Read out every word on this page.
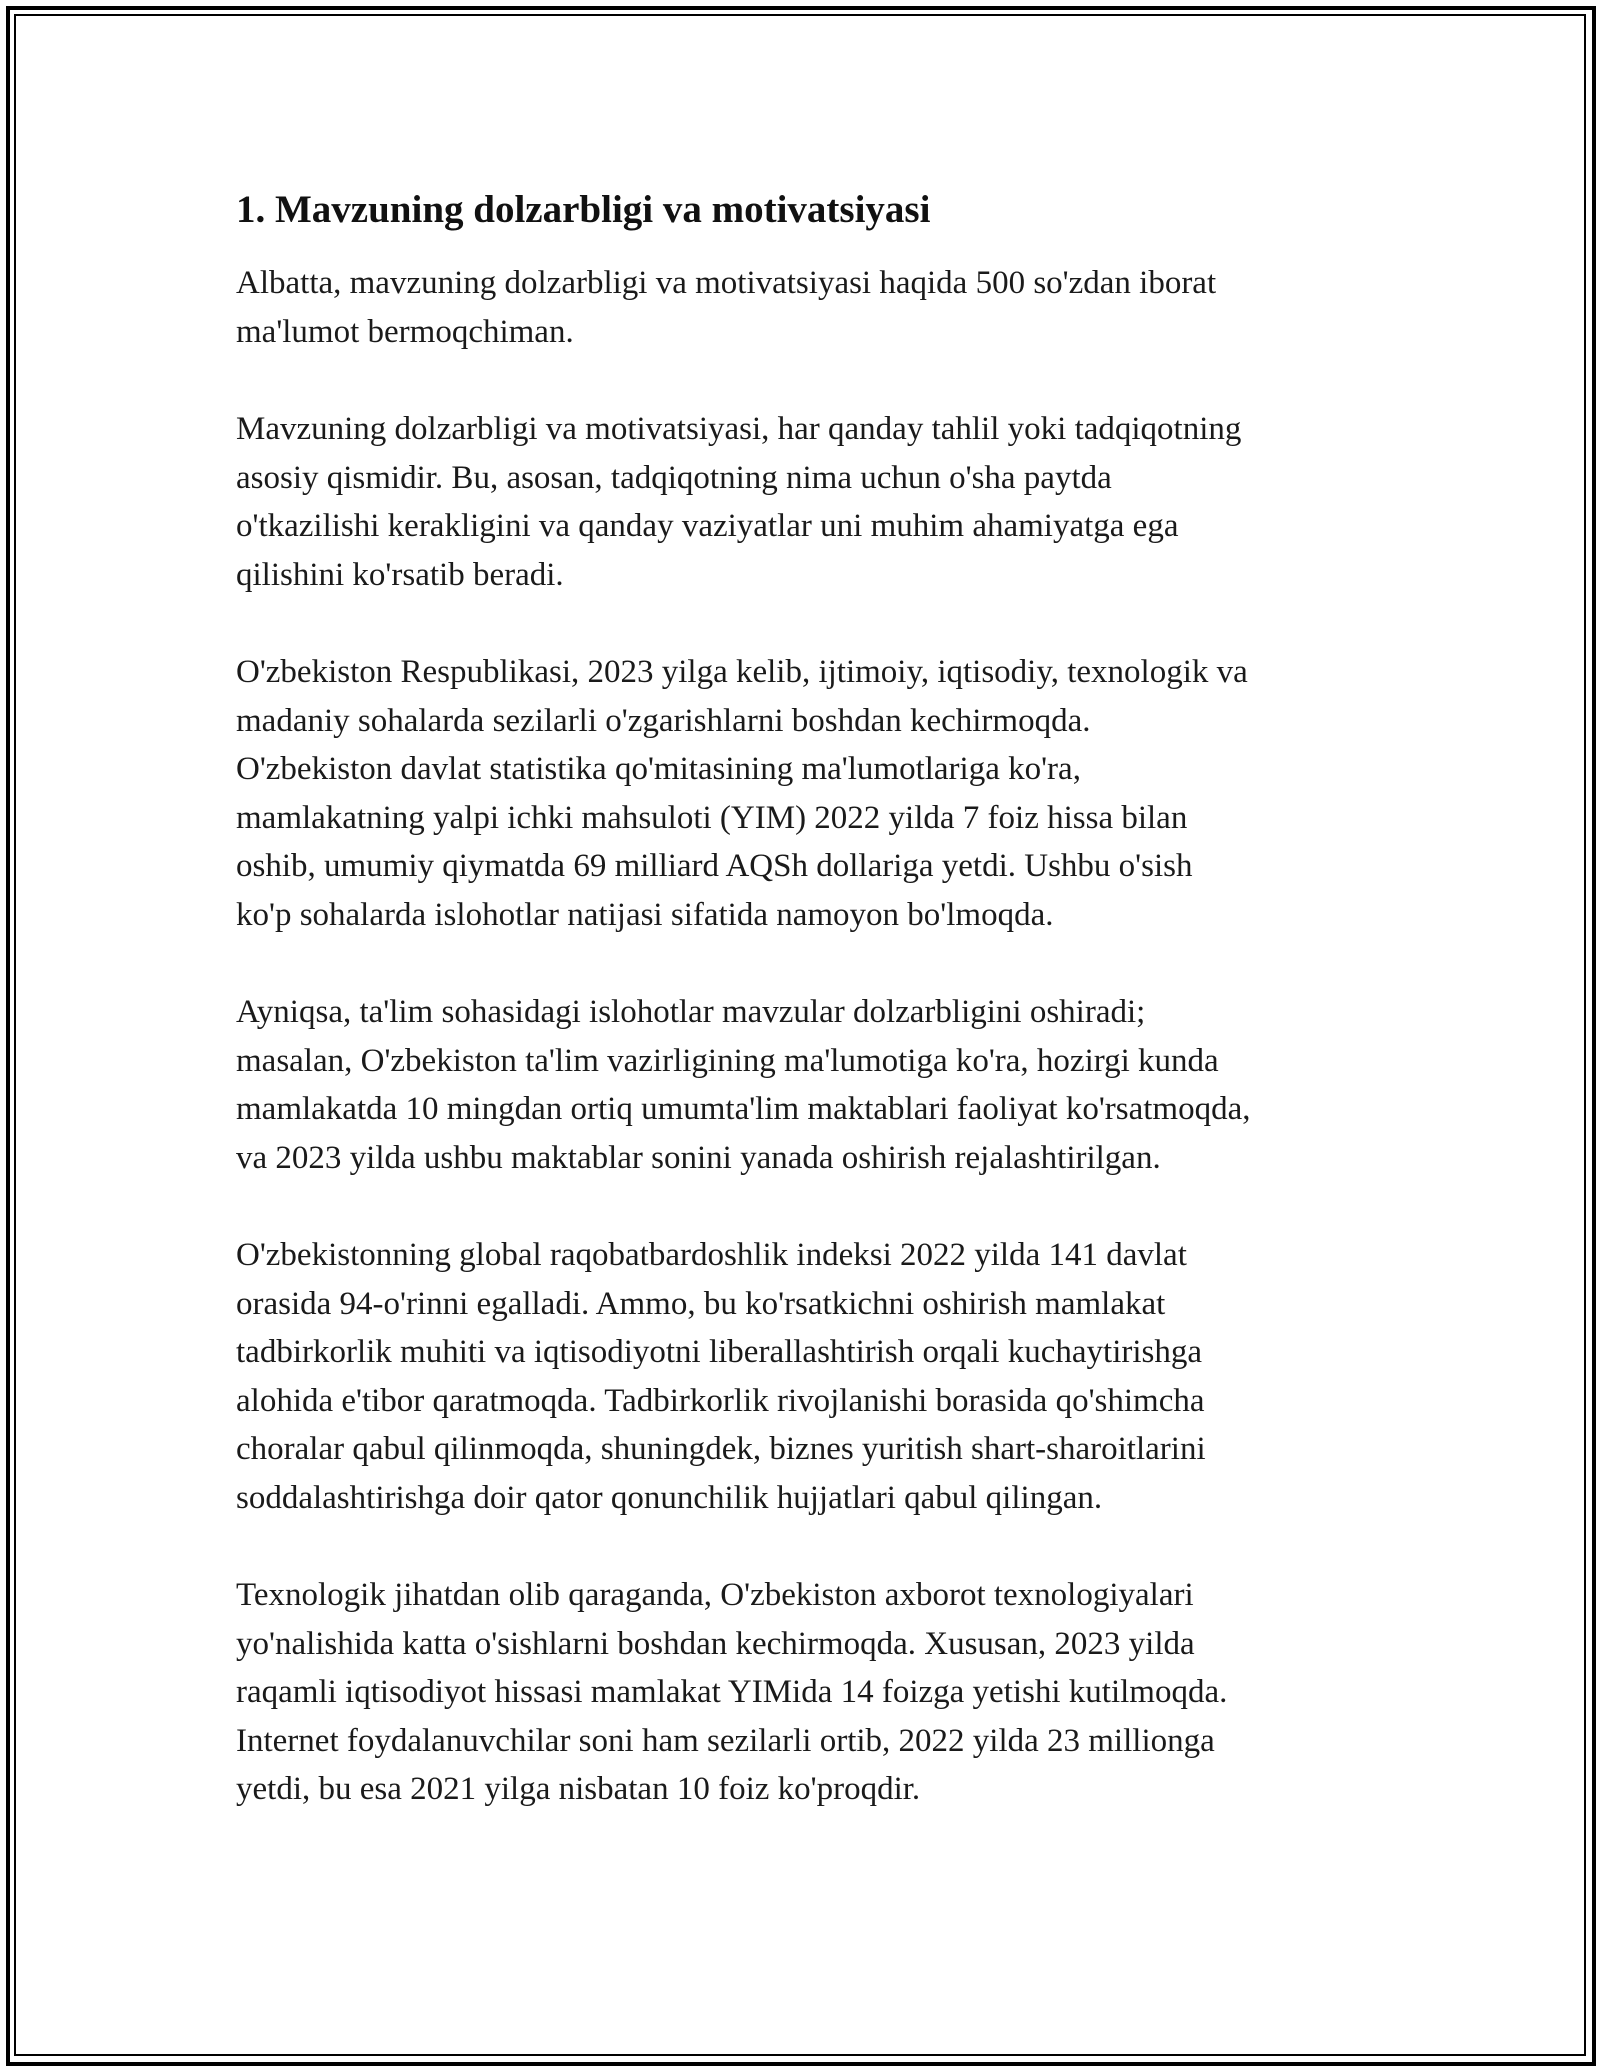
1. Mavzuning dolzarbligi va motivatsiyasi

Albatta, mavzuning dolzarbligi va motivatsiyasi haqida 500 so'zdan iborat
ma'lumot bermoqchiman.

Mavzuning dolzarbligi va motivatsiyasi, har qanday tahlil yoki tadqiqotning
asosiy qismidir. Bu, asosan, tadqiqotning nima uchun o'sha paytda
o'tkazilishi kerakligini va qanday vaziyatlar uni muhim ahamiyatga ega
qilishini ko'rsatib beradi.

O'zbekiston Respublikasi, 2023 yilga kelib, ijtimoiy, iqtisodiy, texnologik va
madaniy sohalarda sezilarli o'zgarishlarni boshdan kechirmoqda.
O'zbekiston davlat statistika qo'mitasining ma'lumotlariga ko'ra,
mamlakatning yalpi ichki mahsuloti (YIM) 2022 yilda 7 foiz hissa bilan
oshib, umumiy qiymatda 69 milliard AQSh dollariga yetdi. Ushbu o'sish
ko'p sohalarda islohotlar natijasi sifatida namoyon bo'lmoqda.

Ayniqsa, ta'lim sohasidagi islohotlar mavzular dolzarbligini oshiradi;
masalan, O'zbekiston ta'lim vazirligining ma'lumotiga ko'ra, hozirgi kunda
mamlakatda 10 mingdan ortiq umumta'lim maktablari faoliyat ko'rsatmoqda,
va 2023 yilda ushbu maktablar sonini yanada oshirish rejalashtirilgan.

O'zbekistonning global raqobatbardoshlik indeksi 2022 yilda 141 davlat
orasida 94-o'rinni egalladi. Ammo, bu ko'rsatkichni oshirish mamlakat
tadbirkorlik muhiti va iqtisodiyotni liberallashtirish orqali kuchaytirishga
alohida e'tibor qaratmoqda. Tadbirkorlik rivojlanishi borasida qo'shimcha
choralar qabul qilinmoqda, shuningdek, biznes yuritish shart-sharoitlarini
soddalashtirishga doir qator qonunchilik hujjatlari qabul qilingan.

Texnologik jihatdan olib qaraganda, O'zbekiston axborot texnologiyalari
yo'nalishida katta o'sishlarni boshdan kechirmoqda. Xususan, 2023 yilda
raqamli iqtisodiyot hissasi mamlakat YIMida 14 foizga yetishi kutilmoqda.
Internet foydalanuvchilar soni ham sezilarli ortib, 2022 yilda 23 millionga
yetdi, bu esa 2021 yilga nisbatan 10 foiz ko'proqdir.
